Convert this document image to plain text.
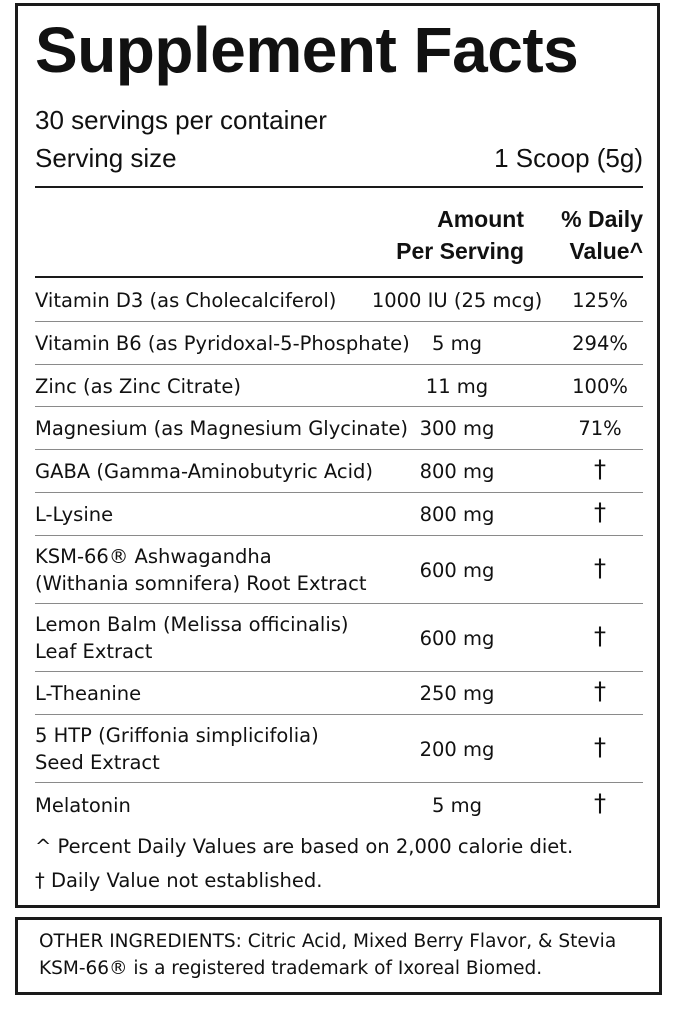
Supplement Facts
30 servings per container
Serving size	1 Scoop (5g)
Amount
Per Serving
% Daily
Value^
Vitamin D3 (as Cholecalciferol)	1000 IU (25 mcg)	125%
Vitamin B6 (as Pyridoxal-5-Phosphate)	5 mg	294%
Zinc (as Zinc Citrate)	11 mg	100%
Magnesium (as Magnesium Glycinate) 300 mg	71%
GABA (Gamma-Aminobutyric Acid)	800 mg	†
L-Lysine	800 mg	†
KSM-66® Ashwagandha
(Withania somnifera) Root Extract
600 mg	†
Lemon Balm (Melissa officinalis)
Leaf Extract
600 mg	†
L-Theanine	250 mg	†
5 HTP (Griffonia simplicifolia)
Seed Extract
200 mg	†
Melatonin	5 mg	†
^ Percent Daily Values are based on 2,000 calorie diet.
† Daily Value not established.
OTHER INGREDIENTS: Citric Acid, Mixed Berry Flavor, & Stevia
KSM-66® is a registered trademark of Ixoreal Biomed.
